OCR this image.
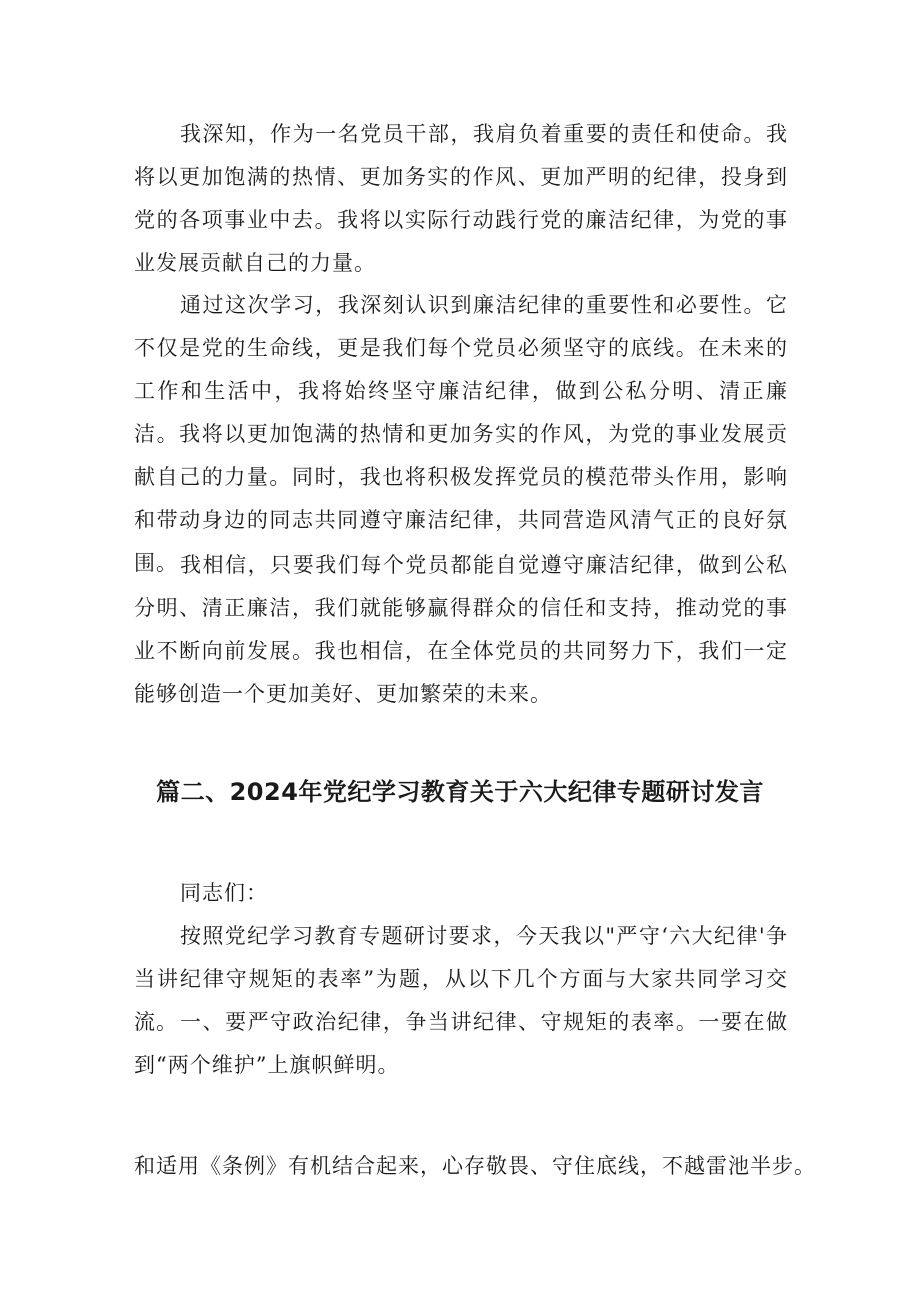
我深知，作为一名党员干部，我肩负着重要的责任和使命。我将以更加饱满的热情、更加务实的作风、更加严明的纪律，投身到党的各项事业中去。我将以实际行动践行党的廉洁纪律，为党的事业发展贡献自己的力量。

通过这次学习，我深刻认识到廉洁纪律的重要性和必要性。它不仅是党的生命线，更是我们每个党员必须坚守的底线。在未来的工作和生活中，我将始终坚守廉洁纪律，做到公私分明、清正廉洁。我将以更加饱满的热情和更加务实的作风，为党的事业发展贡献自己的力量。同时，我也将积极发挥党员的模范带头作用，影响和带动身边的同志共同遵守廉洁纪律，共同营造风清气正的良好氛围。 我相信，只要我们每个党员都能自觉遵守廉洁纪律，做到公私分明、清正廉洁，我们就能够赢得群众的信任和支持，推动党的事业不断向前发展。我也相信，在全体党员的共同努力下，我们一定能够创造一个更加美好、更加繁荣的未来。

篇二、2024年党纪学习教育关于六大纪律专题研讨发言

同志们：

按照党纪学习教育专题研讨要求，今天我以"严守‘六大纪律'争当讲纪律守规矩的表率”为题，从以下几个方面与大家共同学习交流。 一、要严守政治纪律，争当讲纪律、守规矩的表率。一要在做到“两个维护”上旗帜鲜明。

和适用《条例》有机结合起来，心存敬畏、守住底线，不越雷池半步。
